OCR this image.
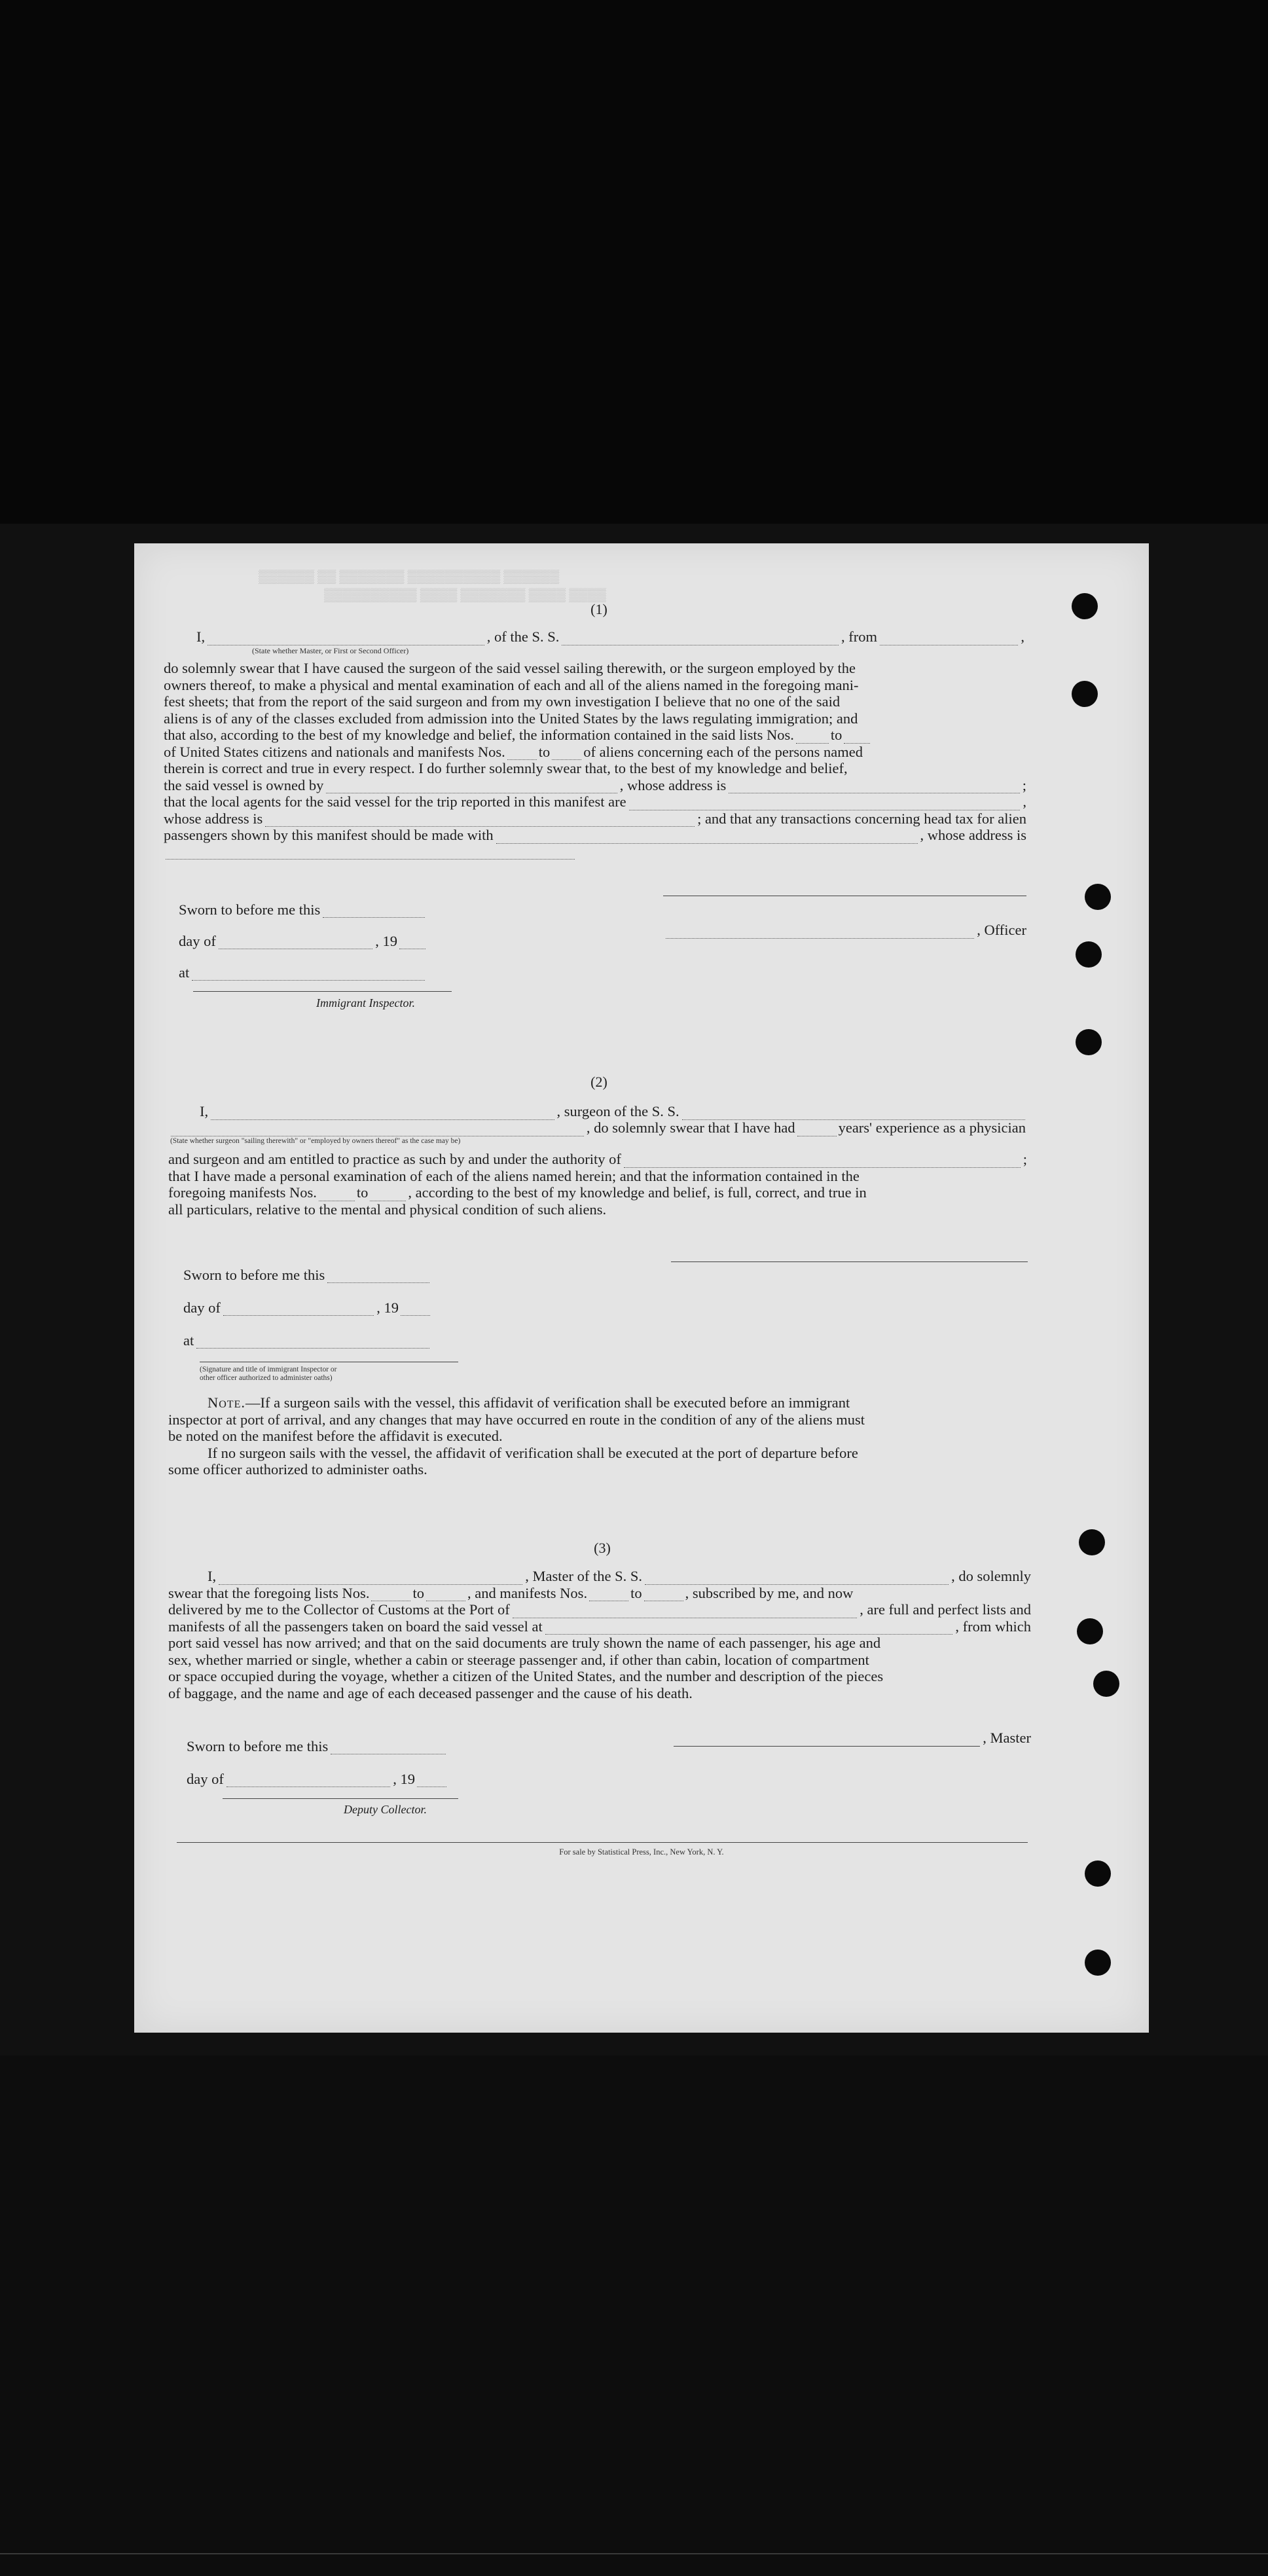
▒▒▒▒▒▒ ▒▒ ▒▒▒▒▒▒▒ ▒▒▒▒▒▒▒▒▒▒ ▒▒▒▒▒▒
▒▒▒▒▒▒▒▒▒▒ ▒▒▒▒ ▒▒▒▒▒▒▒ ▒▒▒▒ ▒▒▒▒
(1)
I,	, of the S. S.	, from	,
(State whether Master, or First or Second Officer)
do solemnly swear that I have caused the surgeon of the said vessel sailing therewith, or the surgeon employed by the
owners thereof, to make a physical and mental examination of each and all of the aliens named in the foregoing mani-
fest sheets; that from the report of the said surgeon and from my own investigation I believe that no one of the said
aliens is of any of the classes excluded from admission into the United States by the laws regulating immigration; and
that also, according to the best of my knowledge and belief, the information contained in the said lists Nos. to
of United States citizens and nationals and manifests Nos. to of aliens concerning each of the persons named
therein is correct and true in every respect. I do further solemnly swear that, to the best of my knowledge and belief,
the said vessel is owned by	, whose address is	;
that the local agents for the said vessel for the trip reported in this manifest are	,
whose address is	; and that any transactions concerning head tax for alien
passengers shown by this manifest should be made with	, whose address is
Sworn to before me this
day of	, 19
at
Immigrant Inspector.
, Officer
(2)
I,	, surgeon of the S. S.
, do solemnly swear that I have had	years' experience as a physician
(State whether surgeon "sailing therewith" or "employed by owners thereof" as the case may be)
and surgeon and am entitled to practice as such by and under the authority of	;
that I have made a personal examination of each of the aliens named herein; and that the information contained in the
foregoing manifests Nos.	to	, according to the best of my knowledge and belief, is full, correct, and true in
all particulars, relative to the mental and physical condition of such aliens.
Sworn to before me this
day of	, 19
at
(Signature and title of immigrant Inspector or
other officer authorized to administer oaths)
Note. —If a surgeon sails with the vessel, this affidavit of verification shall be executed before an immigrant
inspector at port of arrival, and any changes that may have occurred en route in the condition of any of the aliens must
be noted on the manifest before the affidavit is executed.
If no surgeon sails with the vessel, the affidavit of verification shall be executed at the port of departure before
some officer authorized to administer oaths.
(3)
I,	, Master of the S. S.	, do solemnly
swear that the foregoing lists Nos.	to	, and manifests Nos.	to	, subscribed by me, and now
delivered by me to the Collector of Customs at the Port of	, are full and perfect lists and
manifests of all the passengers taken on board the said vessel at	, from which
port said vessel has now arrived; and that on the said documents are truly shown the name of each passenger, his age and
sex, whether married or single, whether a cabin or steerage passenger and, if other than cabin, location of compartment
or space occupied during the voyage, whether a citizen of the United States, and the number and description of the pieces
of baggage, and the name and age of each deceased passenger and the cause of his death.
Sworn to before me this
day of	, 19
Deputy Collector.
, Master
For sale by Statistical Press, Inc., New York, N. Y.
